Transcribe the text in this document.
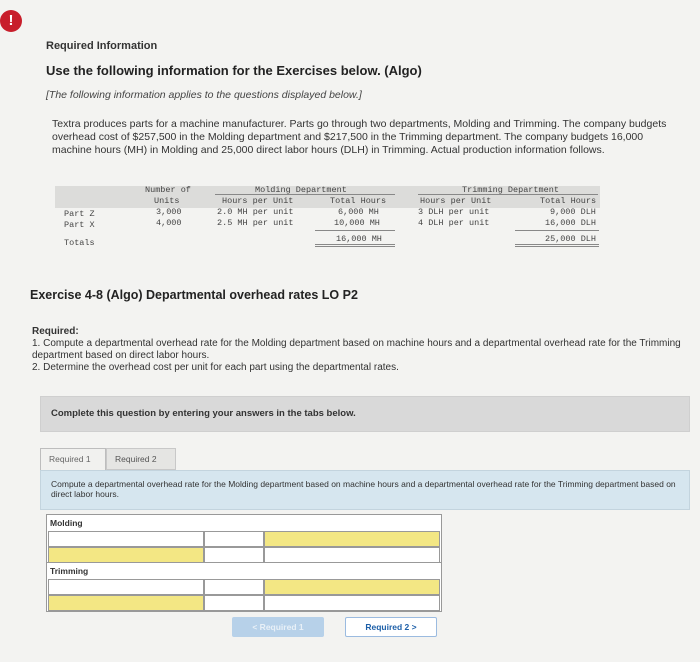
!
Required Information
Use the following information for the Exercises below. (Algo)
[The following information applies to the questions displayed below.]
Textra produces parts for a machine manufacturer. Parts go through two departments, Molding and Trimming. The company budgets overhead cost of $257,500 in the Molding department and $217,500 in the Trimming department. The company budgets 16,000 machine hours (MH) in Molding and 25,000 direct labor hours (DLH) in Trimming. Actual production information follows.
Number of
Units
Molding Department
Hours per Unit	Total Hours
Trimming Department
Hours per Unit	Total Hours
Part Z	3,000	2.0 MH per unit	6,000 MH	3 DLH per unit	9,000 DLH
Part X	4,000	2.5 MH per unit	10,000 MH	4 DLH per unit	16,000 DLH
Totals	16,000 MH	25,000 DLH
Exercise 4-8 (Algo) Departmental overhead rates LO P2
Required:
1. Compute a departmental overhead rate for the Molding department based on machine hours and a departmental overhead rate for the Trimming department based on direct labor hours.
2. Determine the overhead cost per unit for each part using the departmental rates.
Complete this question by entering your answers in the tabs below.
Required 1	Required 2
Compute a departmental overhead rate for the Molding department based on machine hours and a departmental overhead rate for the Trimming department based on direct labor hours.
Molding
Trimming
< Required 1	Required 2 >
